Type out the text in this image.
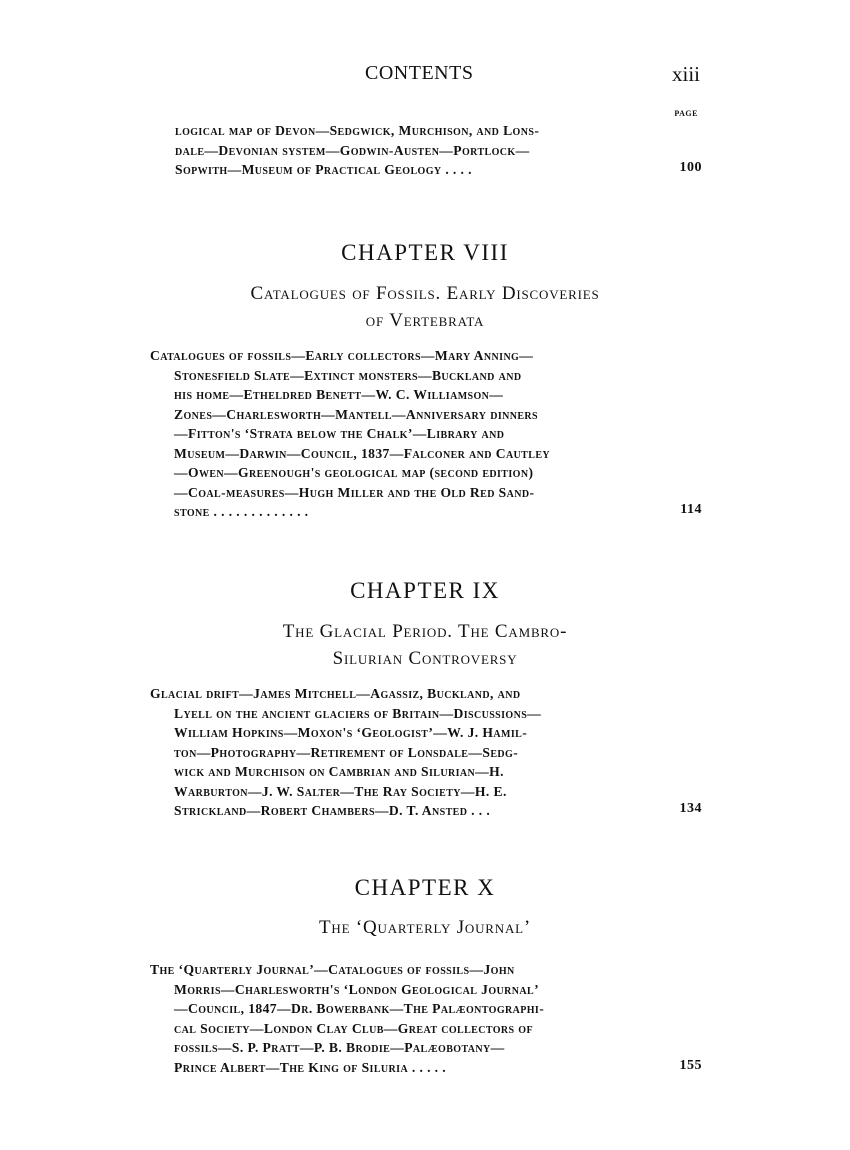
CONTENTS	xiii
PAGE
logical map of Devon—Sedgwick, Murchison, and Lons-
dale—Devonian system—Godwin-Austen—Portlock—
Sopwith—Museum of Practical Geology . . . .	100
CHAPTER VIII
Catalogues of Fossils. Early Discoveries
of Vertebrata
Catalogues of fossils—Early collectors—Mary Anning—
Stonesfield Slate—Extinct monsters—Buckland and
his home—Etheldred Benett—W. C. Williamson—
Zones—Charlesworth—Mantell—Anniversary dinners
—Fitton's ‘Strata below the Chalk’—Library and
Museum—Darwin—Council, 1837—Falconer and Cautley
—Owen—Greenough's geological map (second edition)
—Coal-measures—Hugh Miller and the Old Red Sand-
stone . . . . . . . . . . . . .	114
CHAPTER IX
The Glacial Period. The Cambro-
Silurian Controversy
Glacial drift—James Mitchell—Agassiz, Buckland, and
Lyell on the ancient glaciers of Britain—Discussions—
William Hopkins—Moxon's ‘Geologist’—W. J. Hamil-
ton—Photography—Retirement of Lonsdale—Sedg-
wick and Murchison on Cambrian and Silurian—H.
Warburton—J. W. Salter—The Ray Society—H. E.
Strickland—Robert Chambers—D. T. Ansted . . .	134
CHAPTER X
The ‘Quarterly Journal’
The ‘Quarterly Journal’—Catalogues of fossils—John
Morris—Charlesworth's ‘London Geological Journal’
—Council, 1847—Dr. Bowerbank—The Palæontographi-
cal Society—London Clay Club—Great collectors of
fossils—S. P. Pratt—P. B. Brodie—Palæobotany—
Prince Albert—The King of Siluria . . . . .	155
